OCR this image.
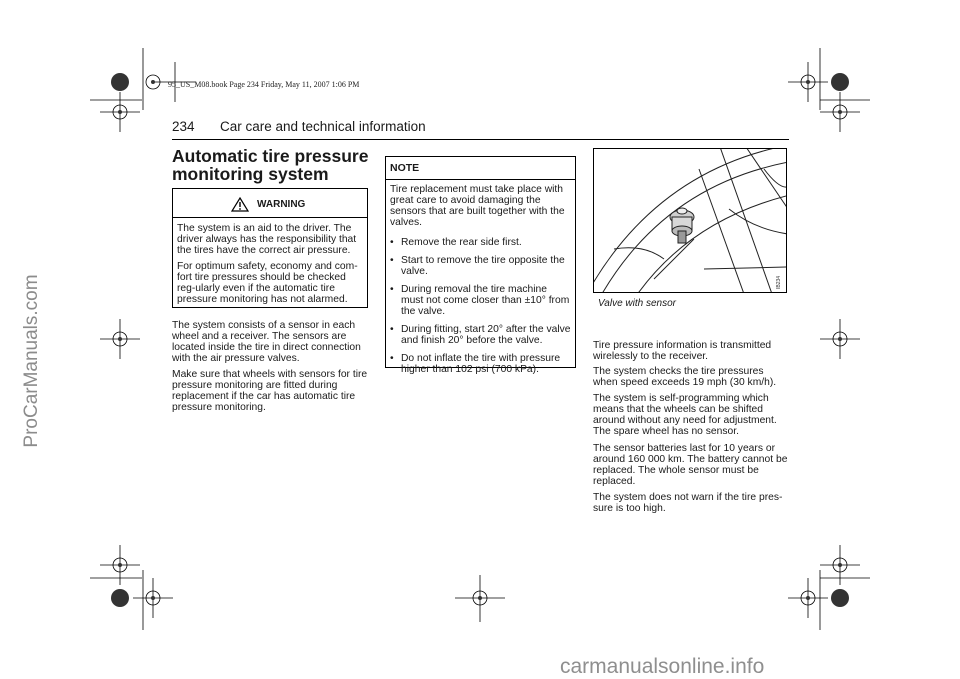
95_US_M08.book Page 234 Friday, May 11, 2007 1:06 PM
ProCarManuals.com
carmanualsonline.info
234 Car care and technical information
Automatic tire pressure monitoring system
WARNING

The system is an aid to the driver. The driver always has the responsibility that the tires have the correct air pressure.

For optimum safety, economy and com-fort tire pressures should be checked reg-ularly even if the automatic tire pressure monitoring has not alarmed.

The system consists of a sensor in each wheel and a receiver. The sensors are located inside the tire in direct connection with the air pressure valves.

Make sure that wheels with sensors for tire pressure monitoring are fitted during replacement if the car has automatic tire pressure monitoring.

NOTE

Tire replacement must take place with great care to avoid damaging the sensors that are built together with the valves.

• Remove the rear side first.
• Start to remove the tire opposite the valve.
• During removal the tire machine must not come closer than ±10° from the valve.
• During fitting, start 20° after the valve and finish 20° before the valve.
• Do not inflate the tire with pressure higher than 102 psi (700 kPa).
IB234
Valve with sensor

Tire pressure information is transmitted wirelessly to the receiver.

The system checks the tire pressures when speed exceeds 19 mph (30 km/h).

The system is self-programming which means that the wheels can be shifted around without any need for adjustment. The spare wheel has no sensor.

The sensor batteries last for 10 years or around 160 000 km. The battery cannot be replaced. The whole sensor must be replaced.

The system does not warn if the tire pres-sure is too high.
